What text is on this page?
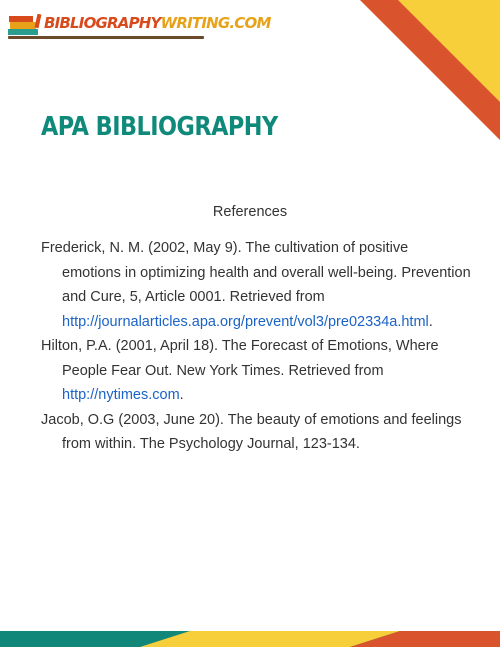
BIBLIOGRAPHYWRITING.COM
APA BIBLIOGRAPHY
References

Frederick, N. M. (2002, May 9). The cultivation of positive emotions in optimizing health and overall well-being. Prevention and Cure, 5, Article 0001. Retrieved from http://journalarticles.apa.org/prevent/vol3/pre02334a.html.

Hilton, P.A. (2001, April 18). The Forecast of Emotions, Where People Fear Out. New York Times. Retrieved from http://nytimes.com.

Jacob, O.G (2003, June 20). The beauty of emotions and feelings from within. The Psychology Journal, 123-134.
